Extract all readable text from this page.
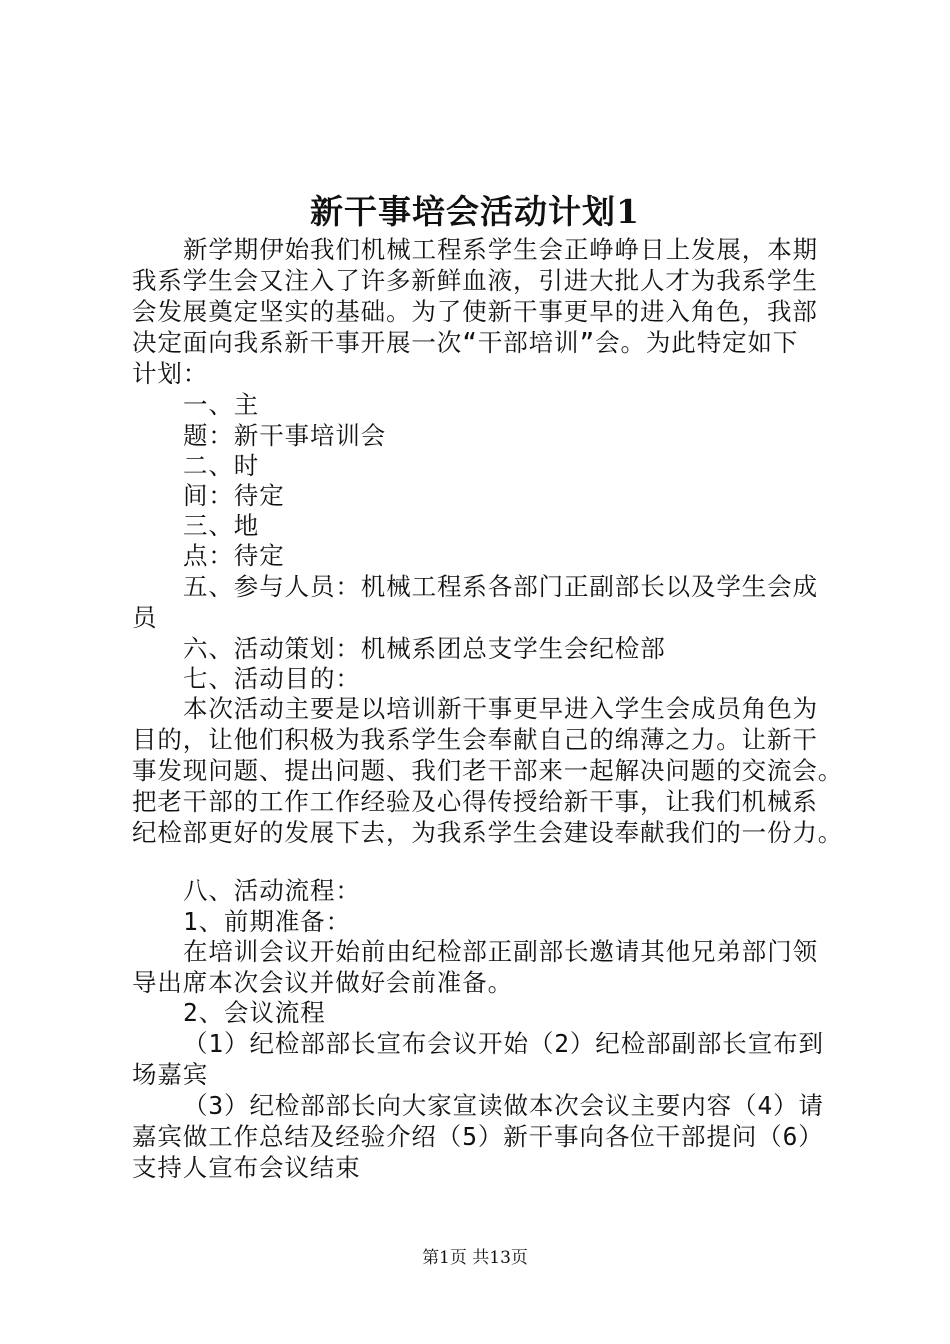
新干事培会活动计划1

新学期伊始我们机械工程系学生会正峥峥日上发展，本期

我系学生会又注入了许多新鲜血液，引进大批人才为我系学生

会发展奠定坚实的基础。为了使新干事更早的进入角色，我部

决定面向我系新干事开展一次“干部培训”会。为此特定如下

计划：

一、主

题：新干事培训会

二、时

间：待定

三、地

点：待定

五、参与人员：机械工程系各部门正副部长以及学生会成

员

六、活动策划：机械系团总支学生会纪检部

七、活动目的：

本次活动主要是以培训新干事更早进入学生会成员角色为

目的，让他们积极为我系学生会奉献自己的绵薄之力。让新干

事发现问题、提出问题、我们老干部来一起解决问题的交流会。

把老干部的工作工作经验及心得传授给新干事，让我们机械系

纪检部更好的发展下去，为我系学生会建设奉献我们的一份力。

八、活动流程：

1、前期准备：

在培训会议开始前由纪检部正副部长邀请其他兄弟部门领

导出席本次会议并做好会前准备。

2、会议流程

（1）纪检部部长宣布会议开始（2）纪检部副部长宣布到

场嘉宾

（3）纪检部部长向大家宣读做本次会议主要内容（4）请

嘉宾做工作总结及经验介绍（5）新干事向各位干部提问（6）

支持人宣布会议结束

第1页 共13页
